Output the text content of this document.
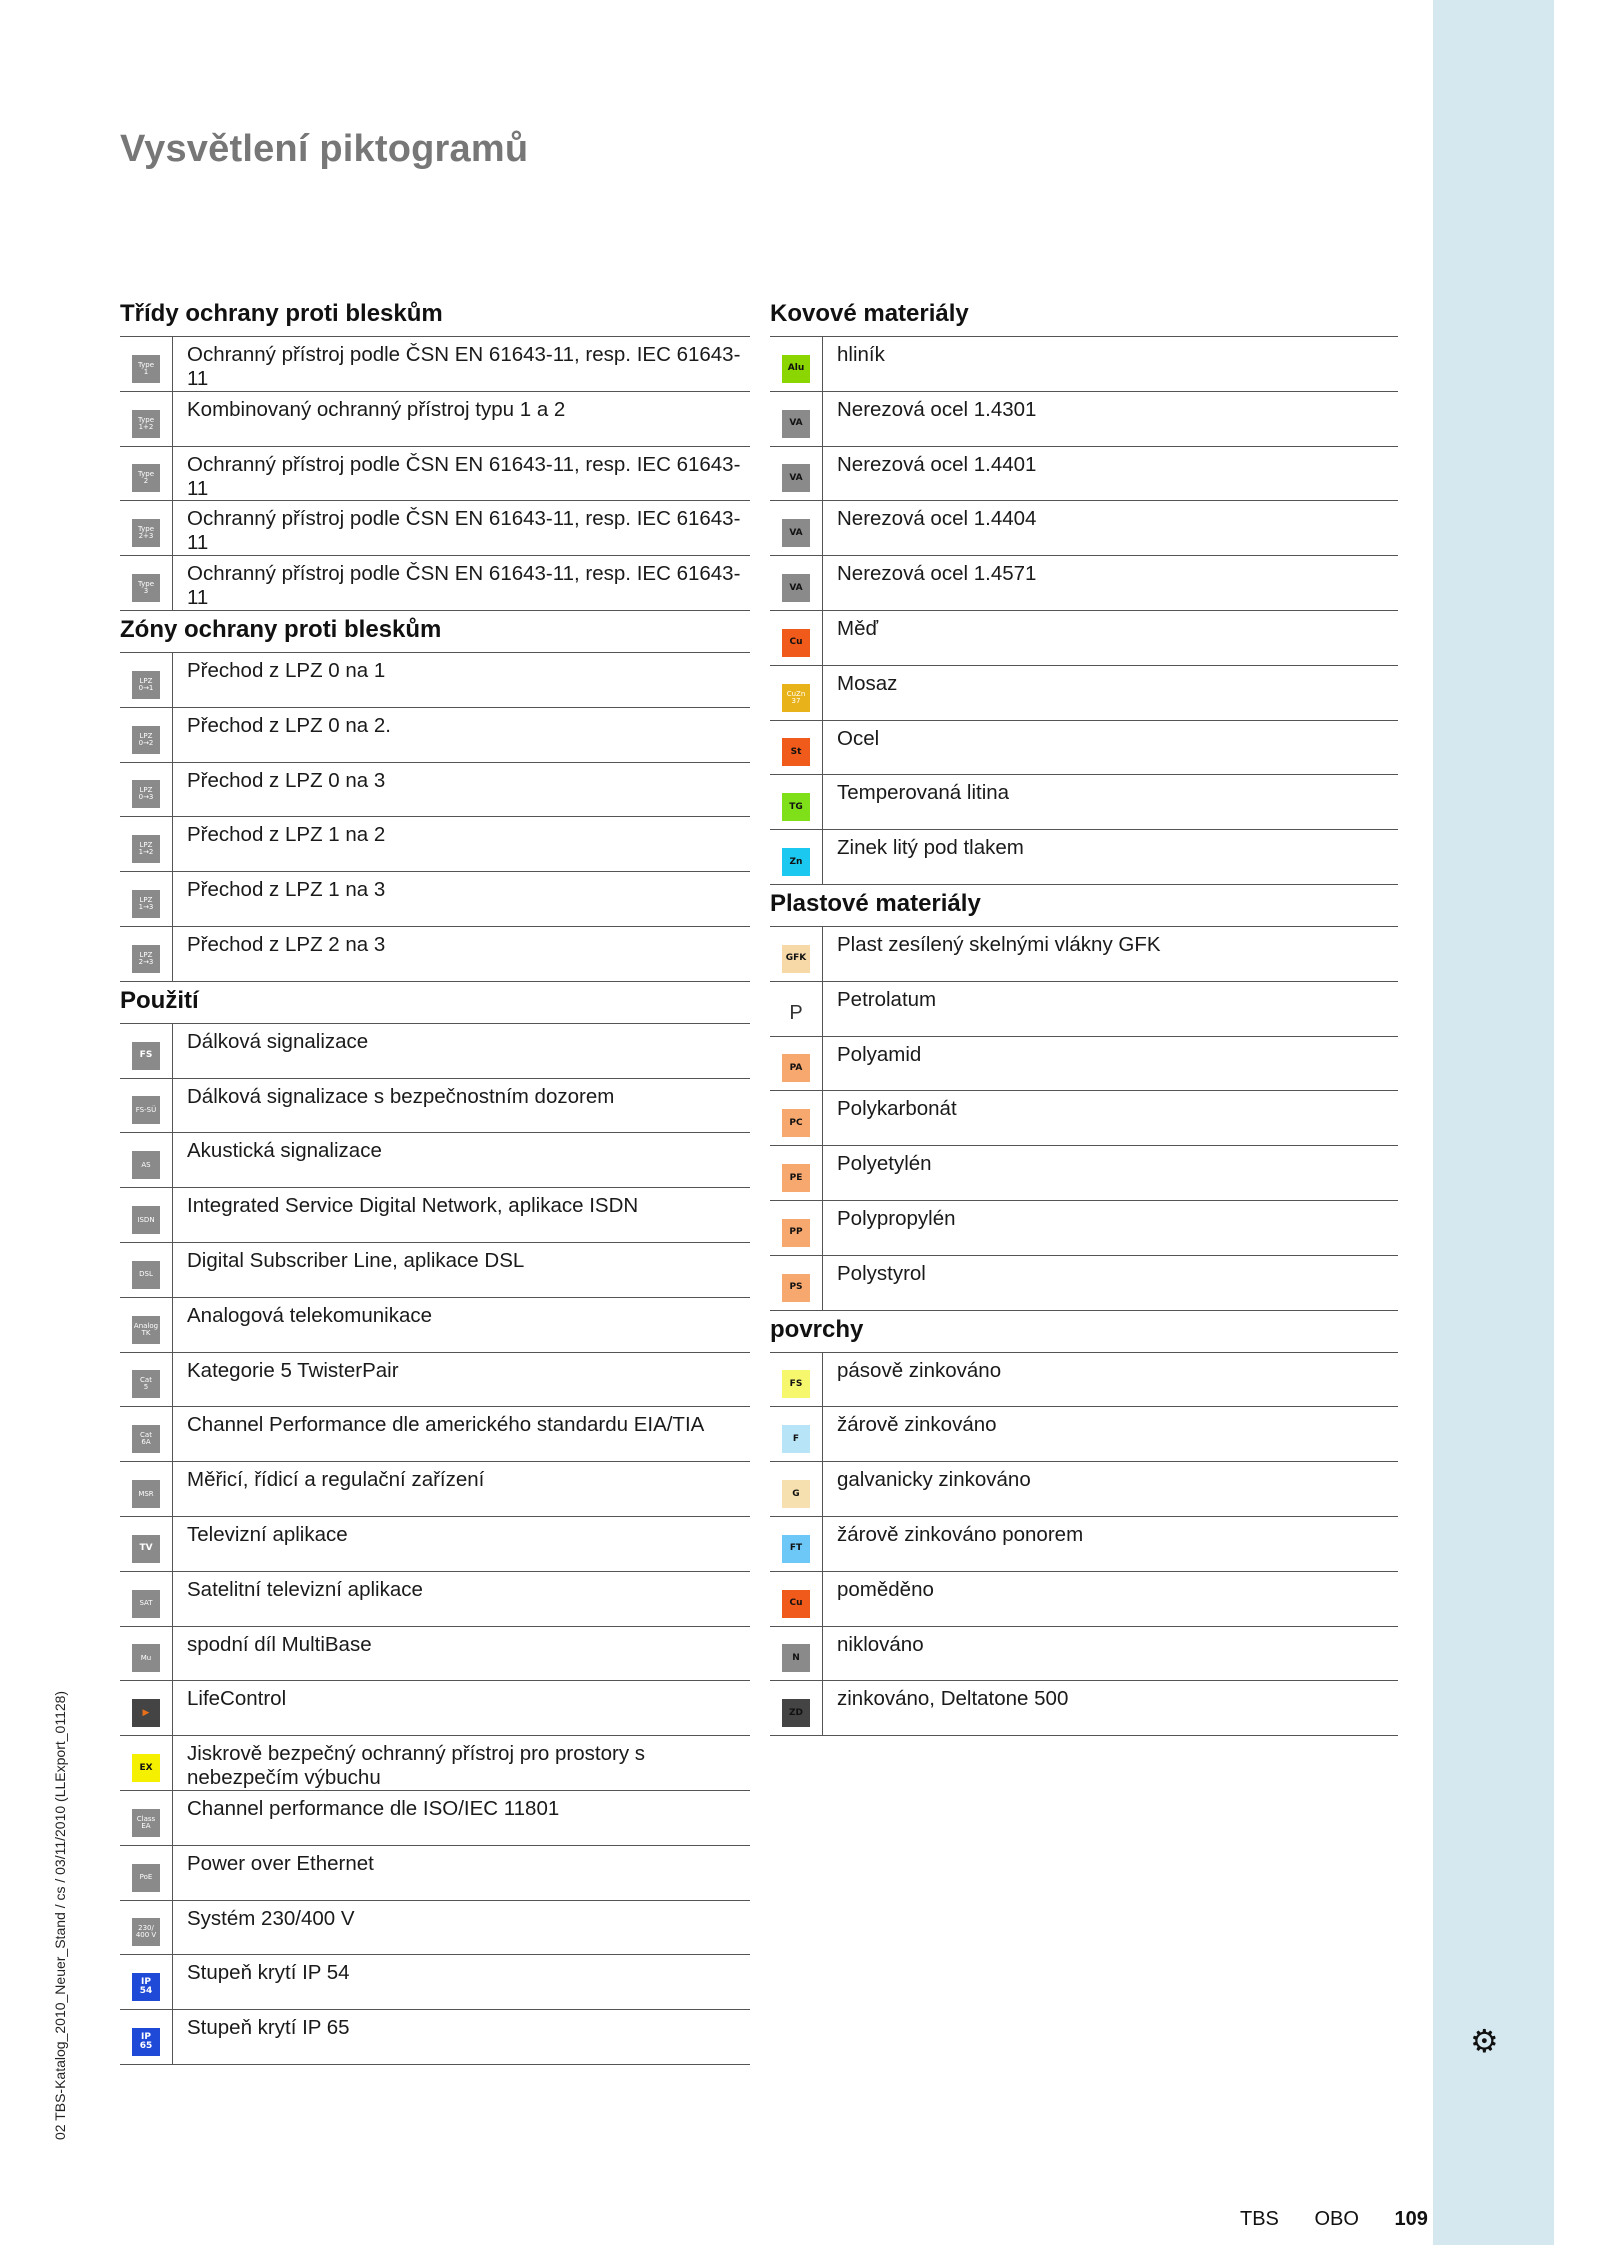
⚙
Vysvětlení piktogramů
Třídy ochrany proti bleskům
Type
1
Ochranný přístroj podle ČSN EN 61643-11, resp. IEC 61643-11
Type
1+2
Kombinovaný ochranný přístroj typu 1 a 2
Type
2
Ochranný přístroj podle ČSN EN 61643-11, resp. IEC 61643-11
Type
2+3
Ochranný přístroj podle ČSN EN 61643-11, resp. IEC 61643-11
Type
3
Ochranný přístroj podle ČSN EN 61643-11, resp. IEC 61643-11
Zóny ochrany proti bleskům
LPZ
0→1
Přechod z LPZ 0 na 1
LPZ
0→2
Přechod z LPZ 0 na 2.
LPZ
0→3
Přechod z LPZ 0 na 3
LPZ
1→2
Přechod z LPZ 1 na 2
LPZ
1→3
Přechod z LPZ 1 na 3
LPZ
2→3
Přechod z LPZ 2 na 3
Použití
FS
Dálková signalizace
FS-SÜ
Dálková signalizace s bezpečnostním dozorem
AS
Akustická signalizace
ISDN
Integrated Service Digital Network, aplikace ISDN
DSL
Digital Subscriber Line, aplikace DSL
Analog
TK
Analogová telekomunikace
Cat
5
Kategorie 5 TwisterPair
Cat
6A
Channel Performance dle amerického standardu EIA/TIA
MSR
Měřicí, řídicí a regulační zařízení
TV
Televizní aplikace
SAT
Satelitní televizní aplikace
Mu
spodní díl MultiBase
▶
LifeControl
EX
Jiskrově bezpečný ochranný přístroj pro prostory s nebezpečím výbuchu
Class
EA
Channel performance dle ISO/IEC 11801
PoE
Power over Ethernet
230/
400 V
Systém 230/400 V
IP
54
Stupeň krytí IP 54
IP
65
Stupeň krytí IP 65
Kovové materiály
Alu
hliník
VA
Nerezová ocel 1.4301
VA
Nerezová ocel 1.4401
VA
Nerezová ocel 1.4404
VA
Nerezová ocel 1.4571
Cu
Měď
CuZn
37
Mosaz
St
Ocel
TG
Temperovaná litina
Zn
Zinek litý pod tlakem
Plastové materiály
GFK
Plast zesílený skelnými vlákny GFK
P
Petrolatum
PA
Polyamid
PC
Polykarbonát
PE
Polyetylén
PP
Polypropylén
PS
Polystyrol
povrchy
FS
pásově zinkováno
F
žárově zinkováno
G
galvanicky zinkováno
FT
žárově zinkováno ponorem
Cu
poměděno
N
niklováno
ZD
zinkováno, Deltatone 500
02 TBS-Katalog_2010_Neuer_Stand / cs / 03/11/2010 (LLExport_01128)
TBS OBO 109
